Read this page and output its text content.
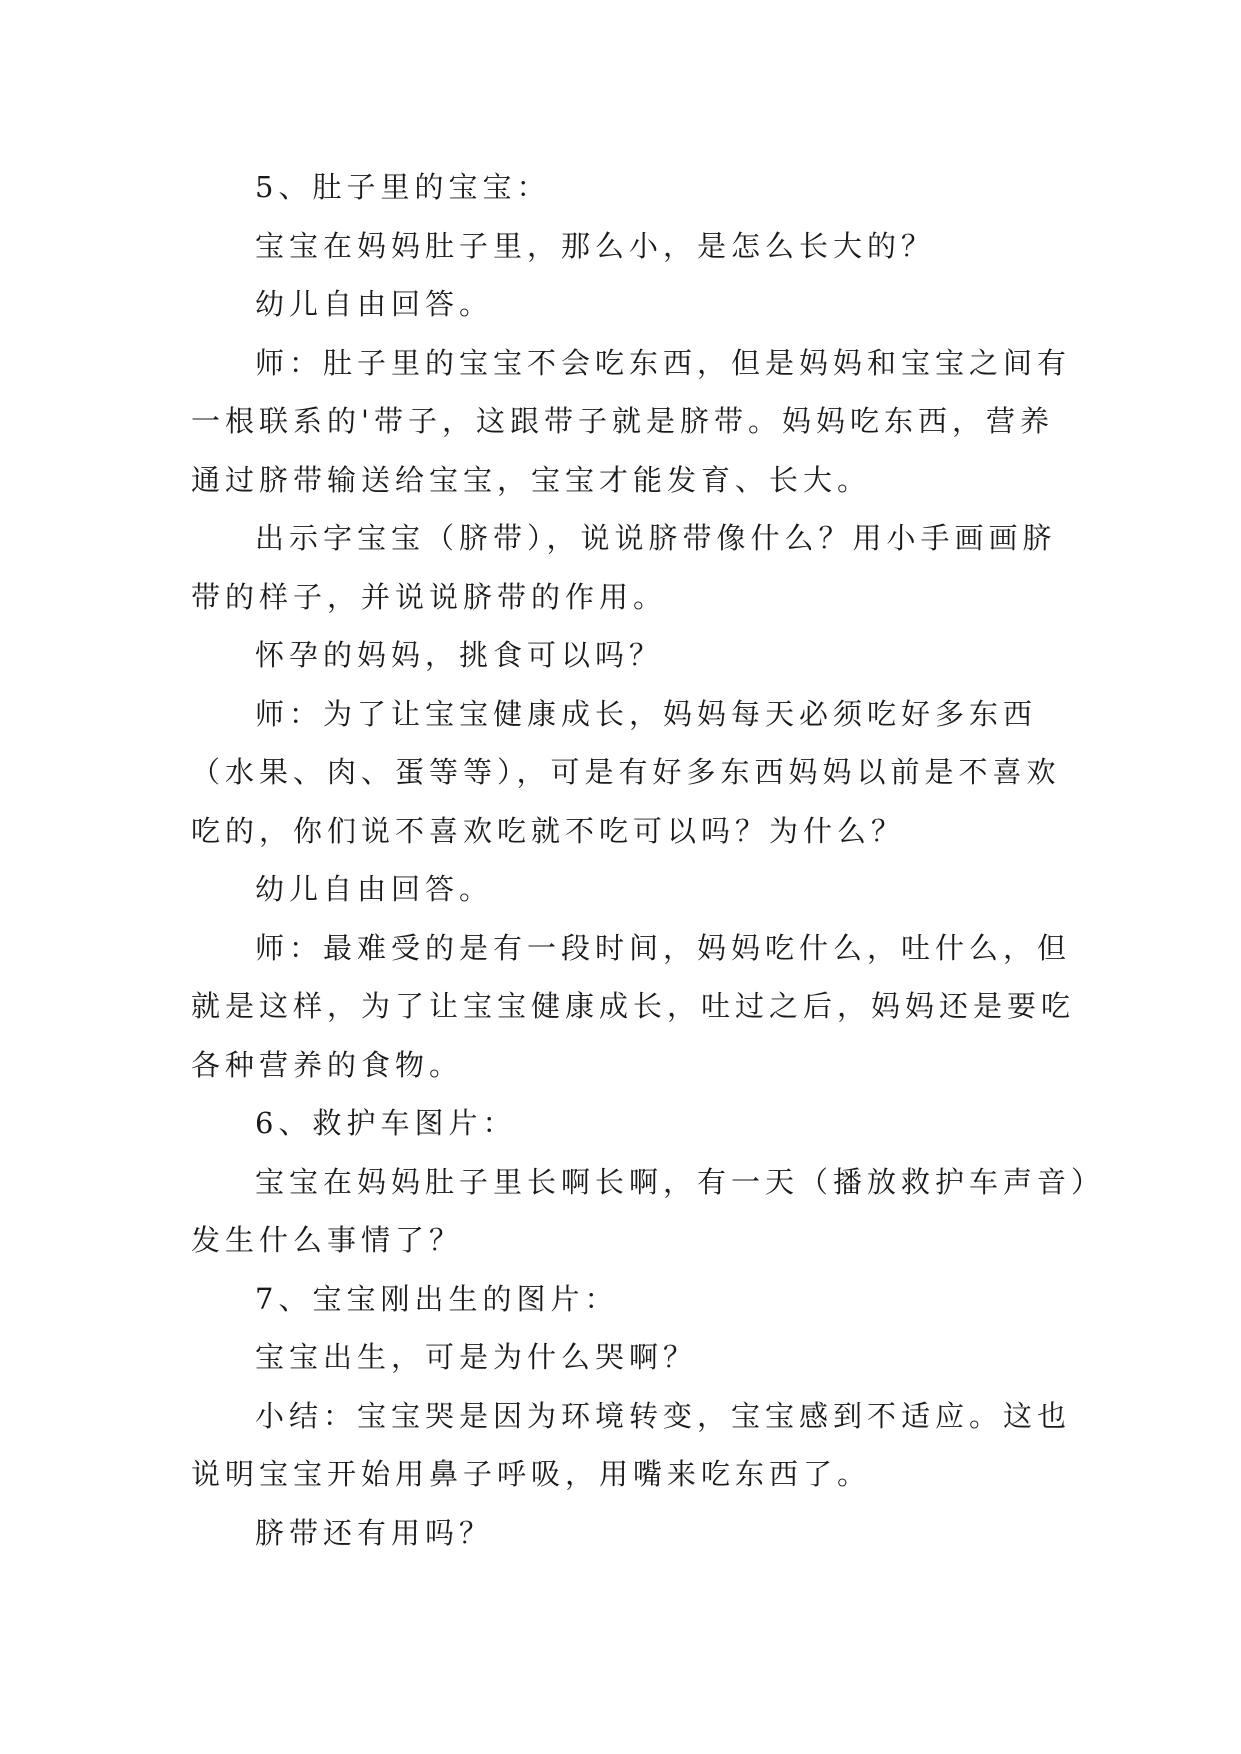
5、肚子里的宝宝：
宝宝在妈妈肚子里，那么小，是怎么长大的？
幼儿自由回答。
师：肚子里的宝宝不会吃东西，但是妈妈和宝宝之间有
一根联系的'带子，这跟带子就是脐带。妈妈吃东西，营养
通过脐带输送给宝宝，宝宝才能发育、长大。
出示字宝宝（脐带），说说脐带像什么？用小手画画脐
带的样子，并说说脐带的作用。
怀孕的妈妈，挑食可以吗？
师：为了让宝宝健康成长，妈妈每天必须吃好多东西
（水果、肉、蛋等等），可是有好多东西妈妈以前是不喜欢
吃的，你们说不喜欢吃就不吃可以吗？为什么？
幼儿自由回答。
师：最难受的是有一段时间，妈妈吃什么，吐什么，但
就是这样，为了让宝宝健康成长，吐过之后，妈妈还是要吃
各种营养的食物。
6、救护车图片：
宝宝在妈妈肚子里长啊长啊，有一天（播放救护车声音）
发生什么事情了？
7、宝宝刚出生的图片：
宝宝出生，可是为什么哭啊？
小结：宝宝哭是因为环境转变，宝宝感到不适应。这也
说明宝宝开始用鼻子呼吸，用嘴来吃东西了。
脐带还有用吗？
